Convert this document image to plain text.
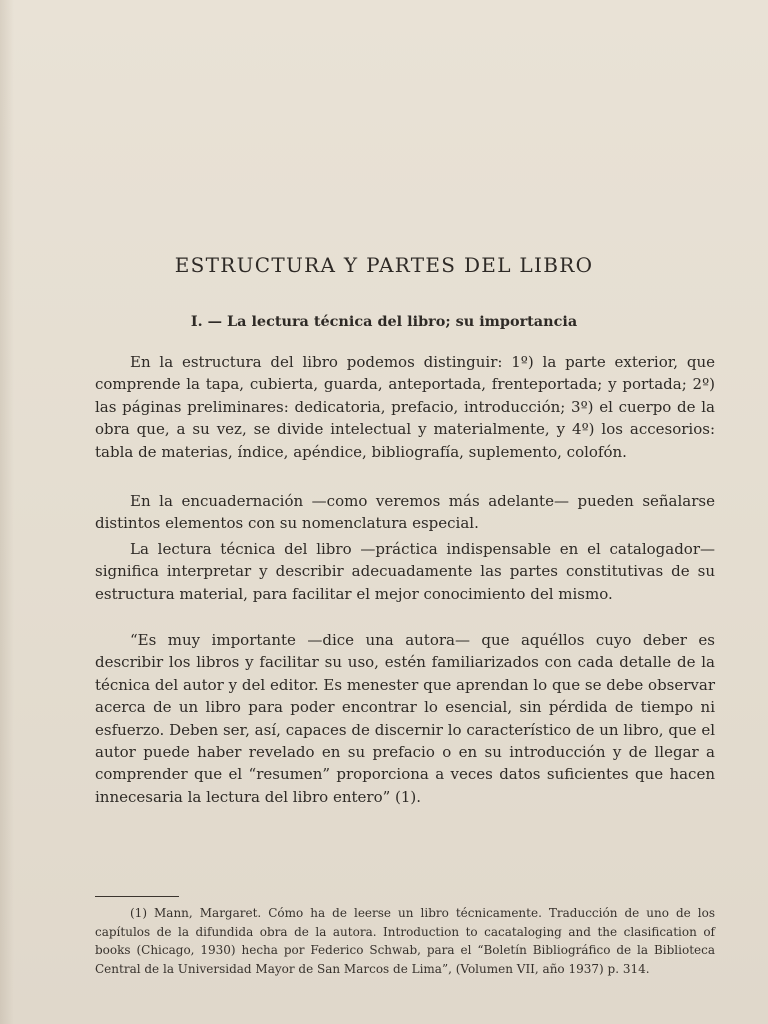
ESTRUCTURA Y PARTES DEL LIBRO
I. — La lectura técnica del libro; su importancia

En la estructura del libro podemos distinguir: 1º) la parte exterior, que comprende la tapa, cubierta, guarda, anteportada, frenteportada; y portada; 2º) las páginas preliminares: dedicatoria, prefacio, introducción; 3º) el cuerpo de la obra que, a su vez, se divide intelectual y materialmente, y 4º) los accesorios: tabla de materias, índice, apéndice, bibliografía, suplemento, colofón.

En la encuadernación —como veremos más adelante— pueden señalarse distintos elementos con su nomenclatura especial.

La lectura técnica del libro —práctica indispensable en el catalogador— significa interpretar y describir adecuadamente las partes constitutivas de su estructura material, para facilitar el mejor conocimiento del mismo.

“Es muy importante —dice una autora— que aquéllos cuyo deber es describir los libros y facilitar su uso, estén familiarizados con cada detalle de la técnica del autor y del editor. Es menester que aprendan lo que se debe observar acerca de un libro para poder encontrar lo esencial, sin pérdida de tiempo ni esfuerzo. Deben ser, así, capaces de discernir lo característico de un libro, que el autor puede haber revelado en su prefacio o en su introducción y de llegar a comprender que el “resumen” proporciona a veces datos suficientes que hacen innecesaria la lectura del libro entero” (1).

(1) Mann, Margaret. Cómo ha de leerse un libro técnicamente. Traducción de uno de los capítulos de la difundida obra de la autora. Introduction to cacataloging and the clasification of books (Chicago, 1930) hecha por Federico Schwab, para el “Boletín Bibliográfico de la Biblioteca Central de la Universidad Mayor de San Marcos de Lima”, (Volumen VII, año 1937) p. 314.
